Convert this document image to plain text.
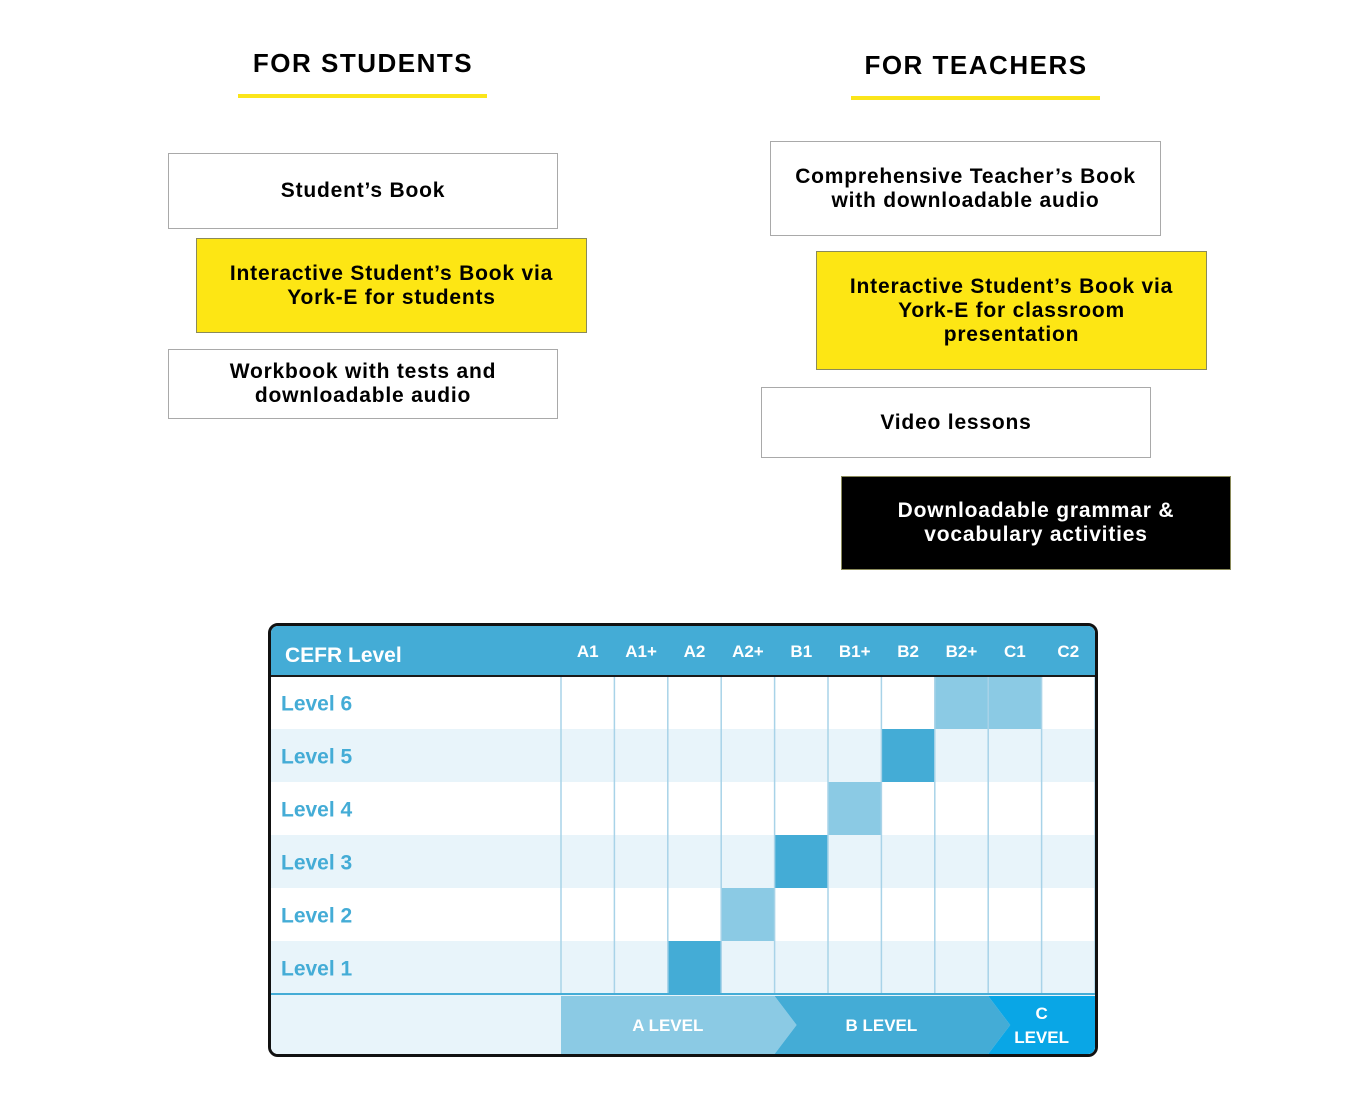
FOR STUDENTS
Student’s Book
Interactive Student’s Book via York-E for students
Workbook with tests and downloadable audio
FOR TEACHERS
Comprehensive Teacher’s Book with downloadable audio
Interactive Student’s Book via York-E for classroom presentation
Video lessons
Downloadable grammar & vocabulary activities
CEFR Level	A1 A1+ A2 A2+ B1 B1+ B2 B2+ C1 C2
Level 6
Level 5
Level 4
Level 3
Level 2
Level 1
A LEVEL	B LEVEL
C
LEVEL
